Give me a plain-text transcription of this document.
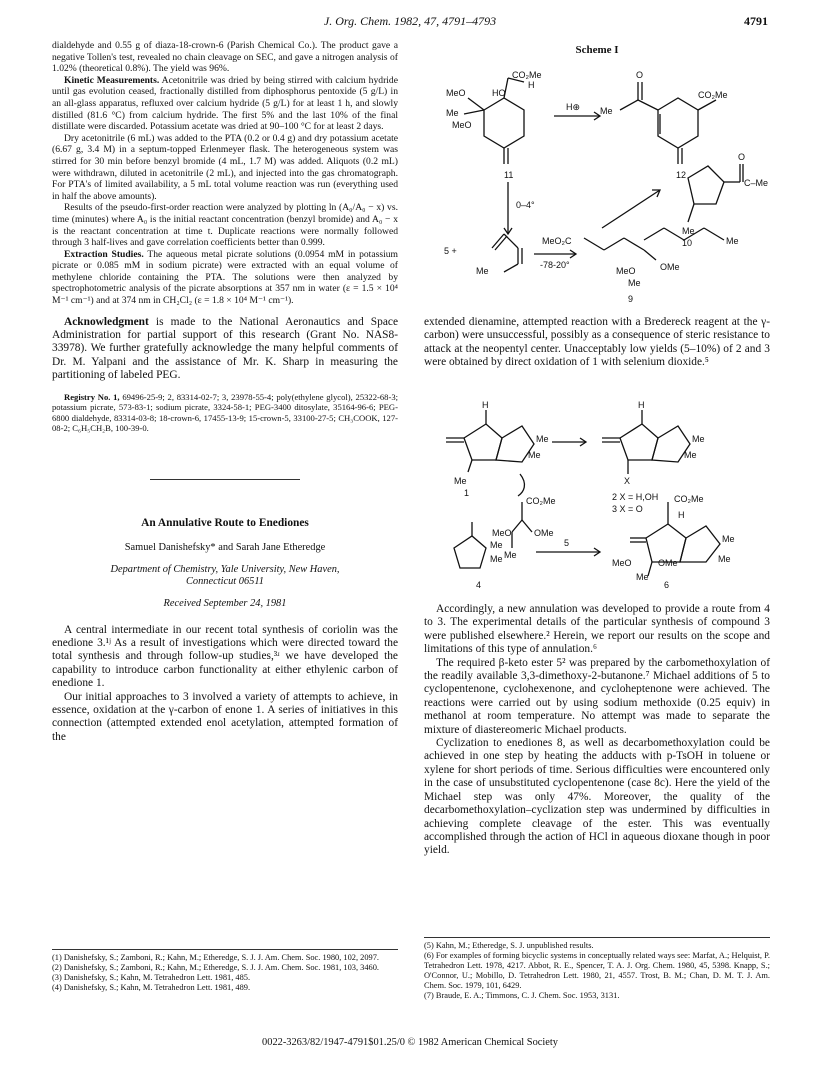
J. Org. Chem. 1982, 47, 4791–4793	4791

dialdehyde and 0.55 g of diaza-18-crown-6 (Parish Chemical Co.). The product gave a negative Tollen's test, revealed no chain cleavage on SEC, and gave a nitrogen analysis of 1.02% (theoretical 0.8%). The yield was 96%.

Kinetic Measurements. Acetonitrile was dried by being stirred with calcium hydride until gas evolution ceased, fractionally distilled from diphosphorus pentoxide (5 g/L) in an all-glass apparatus, refluxed over calcium hydride (5 g/L) for at least 1 h, and slowly distilled (81.6 °C) from calcium hydride. The first 5% and the last 10% of the final distillate were discarded. Potassium acetate was dried at 90–100 °C for at least 2 days.

Dry acetonitrile (6 mL) was added to the PTA (0.2 or 0.4 g) and dry potassium acetate (6.67 g, 3.4 M) in a septum-topped Erlenmeyer flask. The heterogeneous system was stirred for 30 min before benzyl bromide (4 mL, 1.7 M) was added. Aliquots (0.2 mL) were withdrawn, diluted in acetonitrile (2 mL), and injected into the gas chromatograph. For PTA's of limited availability, a 5 mL total volume reaction was run (everything used in half the above amounts).

Results of the pseudo-first-order reaction were analyzed by plotting ln (A₀/A₀ − x) vs. time (minutes) where A₀ is the initial reactant concentration (benzyl bromide) and A₀ − x is the reactant concentration at time t. Duplicate reactions were normally followed through 3 half-lives and gave correlation coefficients better than 0.999.

Extraction Studies. The aqueous metal picrate solutions (0.0954 mM in potassium picrate or 0.085 mM in sodium picrate) were extracted with an equal volume of methylene chloride containing the PTA. The solutions were then analyzed by spectrophotometric analysis of the picrate absorptions at 357 nm in water (ε = 1.5 × 10⁴ M⁻¹ cm⁻¹) and at 374 nm in CH₂Cl₂ (ε = 1.8 × 10⁴ M⁻¹ cm⁻¹).

Acknowledgment is made to the National Aeronautics and Space Administration for partial support of this research (Grant No. NAS8-33978). We further gratefully acknowledge the many helpful comments of Dr. M. Yalpani and the assistance of Mr. K. Sharp in measuring the partitioning of labeled PEG.

Registry No. 1, 69496-25-9; 2, 83314-02-7; 3, 23978-55-4; poly(ethylene glycol), 25322-68-3; potassium picrate, 573-83-1; sodium picrate, 3324-58-1; PEG-3400 ditosylate, 35164-96-6; PEG-6800 dialdehyde, 83314-03-8; 18-crown-6, 17455-13-9; 15-crown-5, 33100-27-5; CH₃COOK, 127-08-2; C₆H₅CH₂B, 100-39-0.

An Annulative Route to Enediones
Samuel Danishefsky* and Sarah Jane Etheredge
Department of Chemistry, Yale University, New Haven,
Connecticut 06511
Received September 24, 1981

A central intermediate in our recent total synthesis of coriolin was the enedione 3.¹ʲ As a result of investigations which were directed toward the total synthesis and through follow-up studies,³ʴ we have developed the capability to introduce carbon functionality at either ethylenic carbon of enedione 1.

Our initial approaches to 3 involved a variety of attempts to achieve, in essence, oxidation at the γ-carbon of enone 1. A series of initiatives in this connection (attempted extended enol acetylation, attempted formation of the

(1) Danishefsky, S.; Zamboni, R.; Kahn, M.; Etheredge, S. J. J. Am. Chem. Soc. 1980, 102, 2097.
(2) Danishefsky, S.; Zamboni, R.; Kahn, M.; Etheredge, S. J. J. Am. Chem. Soc. 1981, 103, 3460.
(3) Danishefsky, S.; Kahn, M. Tetrahedron Lett. 1981, 485.
(4) Danishefsky, S.; Kahn, M. Tetrahedron Lett. 1981, 489.
Scheme I
MeO
CO₂Me
HO
H
Me
MeO
11
H⊕ Me
O
CO₂Me
12
O
C–Me
Me
10
0–4°
5 +
Me
MeO₂C
-78-20°	OMe
MeO
Me
Me
9

extended dienamine, attempted reaction with a Bredereck reagent at the γ-carbon) were unsuccessful, possibly as a consequence of steric resistance to attack at the neopentyl center. Unacceptably low yields (5–10%) of 2 and 3 were obtained by direct oxidation of 1 with selenium dioxide.⁵

H
Me
Me
Me
H
Me
Me
X
1	2 X = H,OH
3 X = O
CO₂Me
MeO OMe
Me
Me
Me
5
CO₂Me
H
Me
Me
MeO	OMe
Me
4	6

Accordingly, a new annulation was developed to provide a route from 4 to 3. The experimental details of the particular synthesis of compound 3 were published elsewhere.² Herein, we report our results on the scope and limitations of this type of annulation.⁶

The required β-keto ester 5² was prepared by the carbomethoxylation of the readily available 3,3-dimethoxy-2-butanone.⁷ Michael additions of 5 to cyclopentenone, cyclohexenone, and cycloheptenone were achieved. The reactions were carried out by using sodium methoxide (0.25 equiv) in methanol at room temperature. No attempt was made to separate the mixture of diastereomeric Michael products.

Cyclization to enediones 8, as well as decarbomethoxylation could be achieved in one step by heating the adducts with p-TsOH in toluene or xylene for short periods of time. Serious difficulties were encountered only in the case of unsubstituted cyclopentenone (case 8c). Here the yield of the Michael step was only 47%. Moreover, the quality of the decarbomethoxylation–cyclization step was undermined by difficulties in achieving complete cleavage of the ester. This was eventually accomplished through the action of HCl in aqueous dioxane though in poor yield.

(5) Kahn, M.; Etheredge, S. J. unpublished results.
(6) For examples of forming bicyclic systems in conceptually related ways see: Marfat, A.; Helquist, P. Tetrahedron Lett. 1978, 4217. Abbot, R. E., Spencer, T. A. J. Org. Chem. 1980, 45, 5398. Knapp, S.; O'Connor, U.; Mobillo, D. Tetrahedron Lett. 1980, 21, 4557. Trost, B. M.; Chan, D. M. T. J. Am. Chem. Soc. 1979, 101, 6429.
(7) Braude, E. A.; Timmons, C. J. Chem. Soc. 1953, 3131.
0022-3263/82/1947-4791$01.25/0 © 1982 American Chemical Society
